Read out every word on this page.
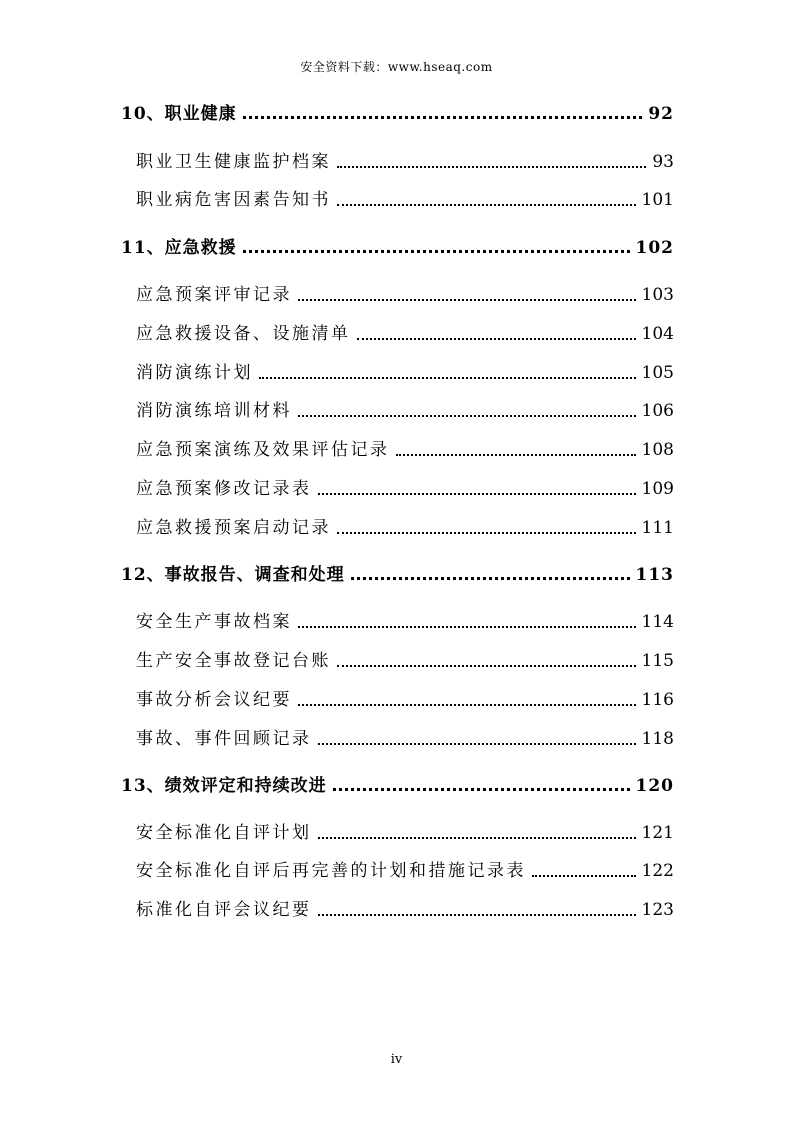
安全资料下载：www.hseaq.com
10、职业健康	92
职业卫生健康监护档案	93
职业病危害因素告知书	101
11、应急救援	102
应急预案评审记录	103
应急救援设备、设施清单	104
消防演练计划	105
消防演练培训材料	106
应急预案演练及效果评估记录	108
应急预案修改记录表	109
应急救援预案启动记录	111
12、事故报告、调查和处理	113
安全生产事故档案	114
生产安全事故登记台账	115
事故分析会议纪要	116
事故、事件回顾记录	118
13、绩效评定和持续改进	120
安全标准化自评计划	121
安全标准化自评后再完善的计划和措施记录表	122
标准化自评会议纪要	123
iv
